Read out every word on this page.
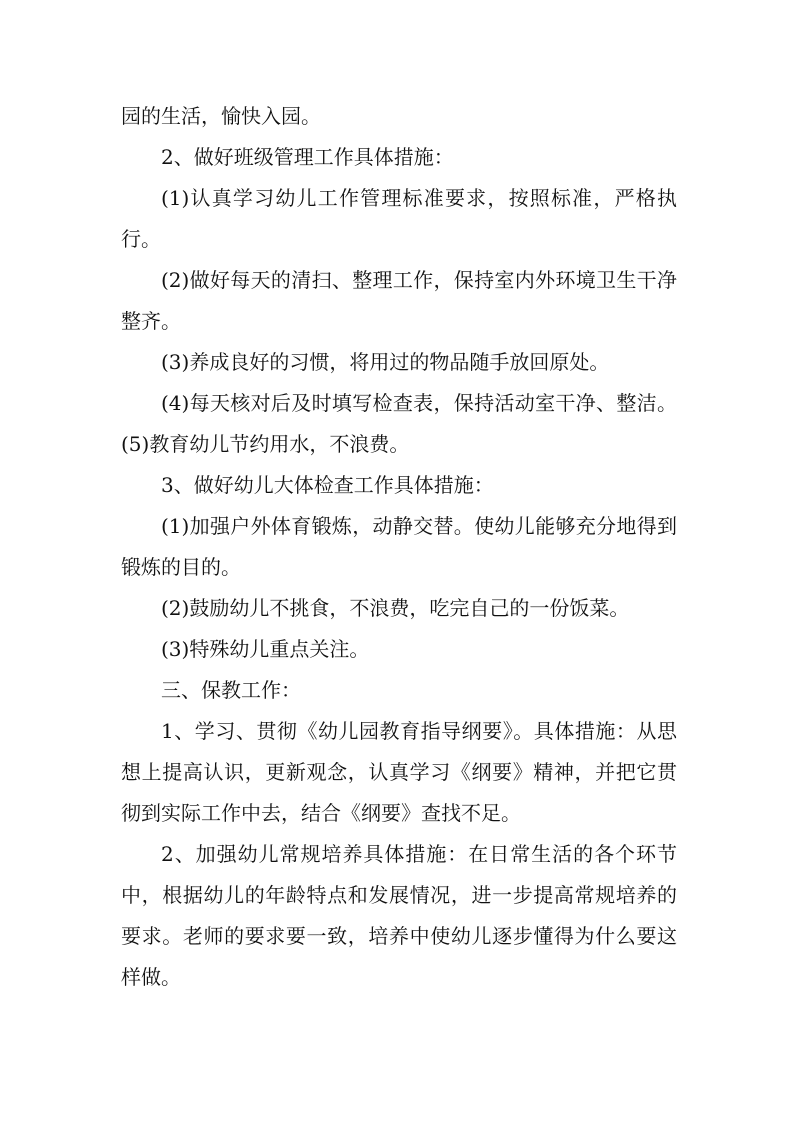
园的生活，愉快入园。

2、做好班级管理工作具体措施：

(1)认真学习幼儿工作管理标准要求，按照标准，严格执行。

(2)做好每天的清扫、整理工作，保持室内外环境卫生干净整齐。

(3)养成良好的习惯，将用过的物品随手放回原处。

(4)每天核对后及时填写检查表，保持活动室干净、整洁。(5)教育幼儿节约用水，不浪费。

3、做好幼儿大体检查工作具体措施：

(1)加强户外体育锻炼，动静交替。使幼儿能够充分地得到锻炼的目的。

(2)鼓励幼儿不挑食，不浪费，吃完自己的一份饭菜。

(3)特殊幼儿重点关注。

三、保教工作：

1、学习、贯彻《幼儿园教育指导纲要》。具体措施：从思想上提高认识，更新观念，认真学习《纲要》精神，并把它贯彻到实际工作中去，结合《纲要》查找不足。

2、加强幼儿常规培养具体措施：在日常生活的各个环节中，根据幼儿的年龄特点和发展情况，进一步提高常规培养的要求。老师的要求要一致，培养中使幼儿逐步懂得为什么要这样做。
